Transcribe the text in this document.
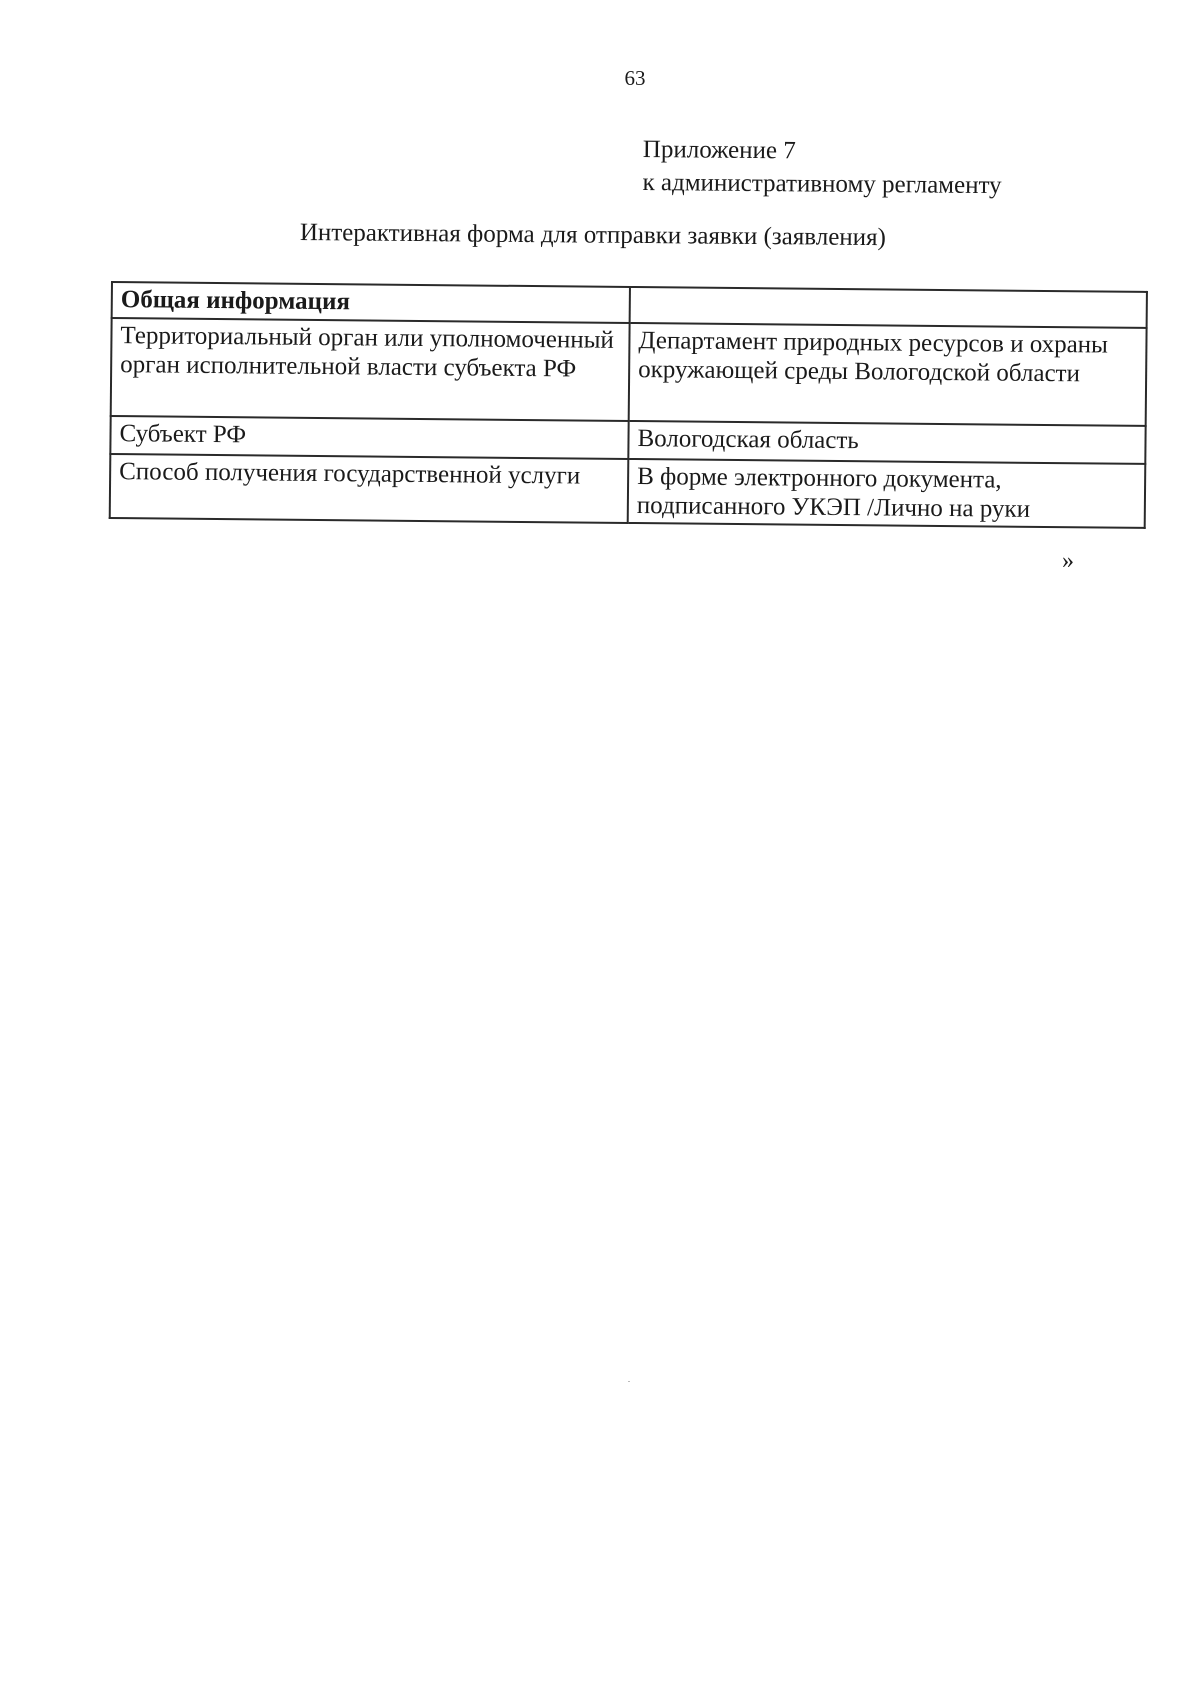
63
Приложение 7
к административному регламенту
Интерактивная форма для отправки заявки (заявления)
Общая информация	
Территориальный орган или уполномоченный орган исполнительной власти субъекта РФ	Департамент природных ресурсов и охраны окружающей среды Вологодской области
Субъект РФ	Вологодская область
Способ получения государственной услуги	В форме электронного документа, подписанного УКЭП /Лично на руки
»
